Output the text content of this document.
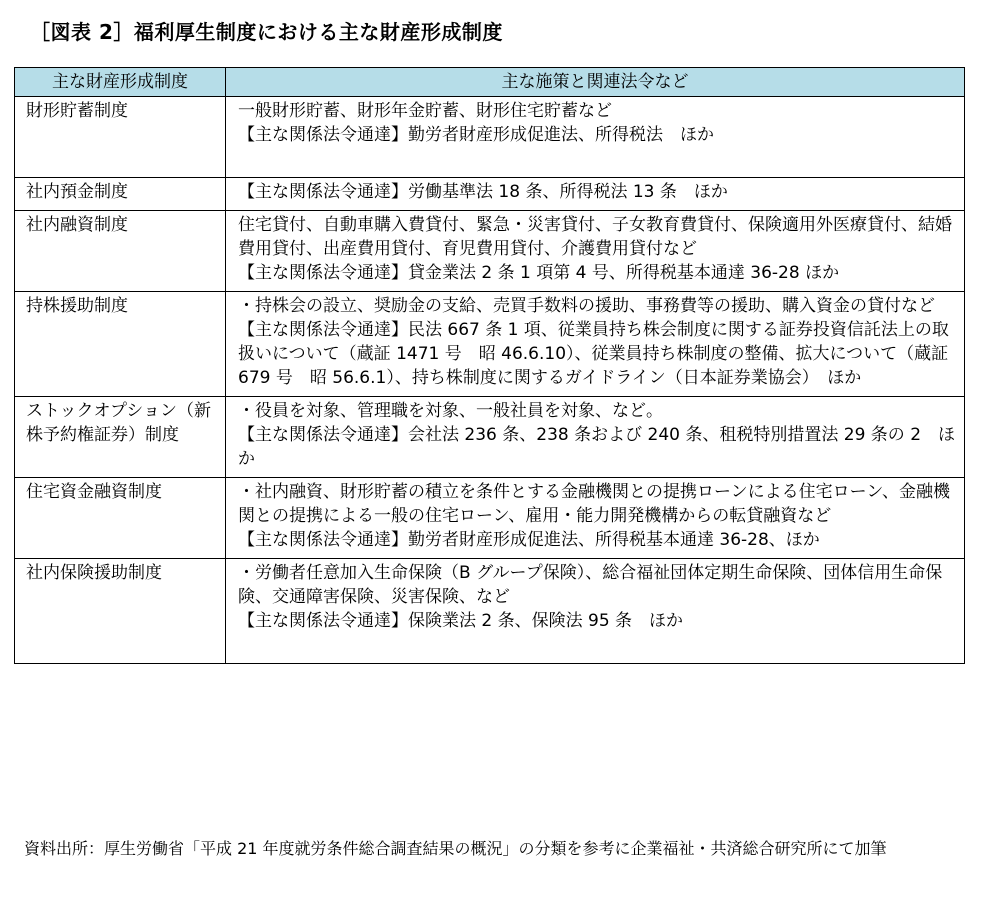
［図表 2］福利厚生制度における主な財産形成制度
主な財産形成制度	主な施策と関連法令など
財形貯蓄制度	一般財形貯蓄、財形年金貯蓄、財形住宅貯蓄など
【主な関係法令通達】勤労者財産形成促進法、所得税法　ほか

社内預金制度	【主な関係法令通達】労働基準法 18 条、所得税法 13 条　ほか

社内融資制度	住宅貸付、自動車購入費貸付、緊急・災害貸付、子女教育費貸付、保険適用外医療貸付、結婚費用貸付、出産費用貸付、育児費用貸付、介護費用貸付など
【主な関係法令通達】貸金業法 2 条 1 項第 4 号、所得税基本通達 36-28 ほか

持株援助制度	・持株会の設立、奨励金の支給、売買手数料の援助、事務費等の援助、購入資金の貸付など
【主な関係法令通達】民法 667 条 1 項、従業員持ち株会制度に関する証券投資信託法上の取扱いについて（蔵証 1471 号　昭 46.6.10）、従業員持ち株制度の整備、拡大について（蔵証 679 号　昭 56.6.1）、持ち株制度に関するガイドライン（日本証券業協会）　ほか

ストックオプション（新株予約権証券）制度	・役員を対象、管理職を対象、一般社員を対象、など。
【主な関係法令通達】会社法 236 条、238 条および 240 条、租税特別措置法 29 条の 2　ほか

住宅資金融資制度	・社内融資、財形貯蓄の積立を条件とする金融機関との提携ローンによる住宅ローン、金融機関との提携による一般の住宅ローン、雇用・能力開発機構からの転貸融資など
【主な関係法令通達】勤労者財産形成促進法、所得税基本通達 36-28、ほか

社内保険援助制度	・労働者任意加入生命保険（B グループ保険）、総合福祉団体定期生命保険、団体信用生命保険、交通障害保険、災害保険、など
【主な関係法令通達】保険業法 2 条、保険法 95 条　ほか

資料出所：厚生労働省「平成 21 年度就労条件総合調査結果の概況」の分類を参考に企業福祉・共済総合研究所にて加筆
